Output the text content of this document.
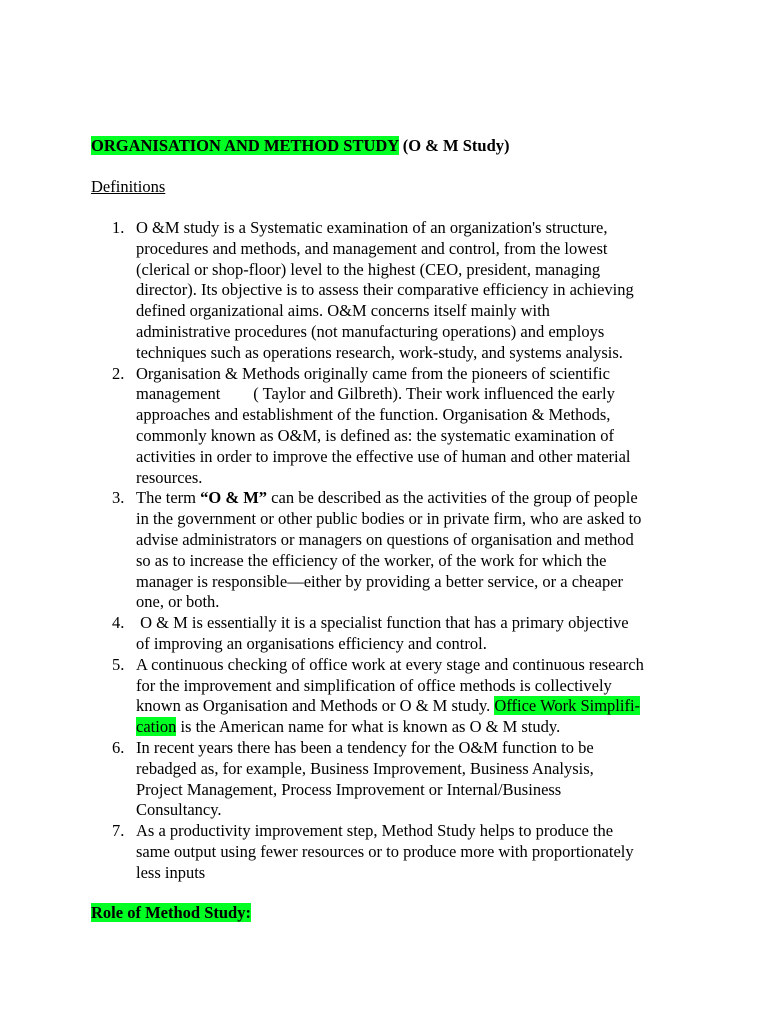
ORGANISATION AND METHOD STUDY (O & M Study)
Definitions
1. O &M study is a Systematic examination of an organization's structure,
procedures and methods, and management and control, from the lowest
(clerical or shop-floor) level to the highest (CEO, president, managing
director). Its objective is to assess their comparative efficiency in achieving
defined organizational aims. O&M concerns itself mainly with
administrative procedures (not manufacturing operations) and employs
techniques such as operations research, work-study, and systems analysis.
2. Organisation & Methods originally came from the pioneers of scientific
management        ( Taylor and Gilbreth). Their work influenced the early
approaches and establishment of the function. Organisation & Methods,
commonly known as O&M, is defined as: the systematic examination of
activities in order to improve the effective use of human and other material
resources.
3. The term “O & M” can be described as the activities of the group of people
in the government or other public bodies or in private firm, who are asked to
advise administrators or managers on questions of organisation and method
so as to increase the efficiency of the worker, of the work for which the
manager is responsible—either by providing a better service, or a cheaper
one, or both.
4. O & M is essentially it is a specialist function that has a primary objective
of improving an organisations efficiency and control.
5. A continuous checking of office work at every stage and continuous research
for the improvement and simplification of office methods is collectively
known as Organisation and Methods or O & M study. Office Work Simplifi-
cation is the American name for what is known as O & M study.
6. In recent years there has been a tendency for the O&M function to be
rebadged as, for example, Business Improvement, Business Analysis,
Project Management, Process Improvement or Internal/Business
Consultancy.
7. As a productivity improvement step, Method Study helps to produce the
same output using fewer resources or to produce more with proportionately
less inputs
Role of Method Study:
